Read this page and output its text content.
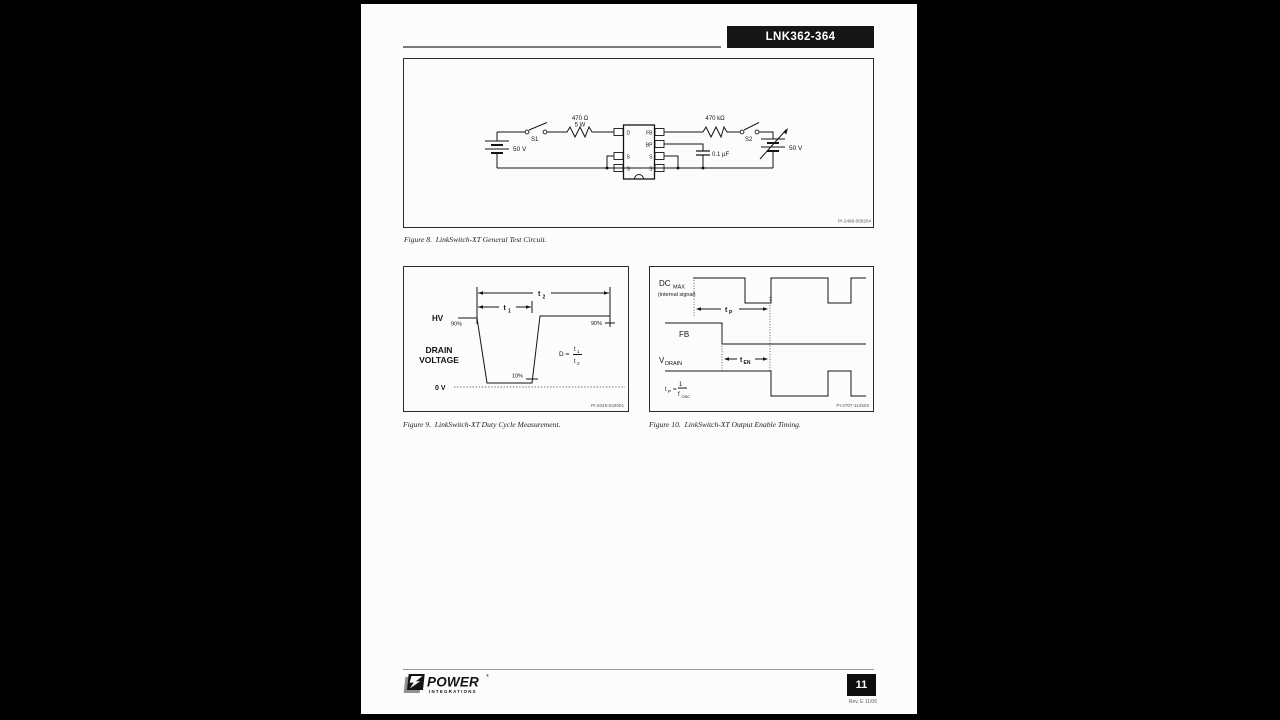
LNK362-364
50 V
S1
470 Ω
5 W
D
S
S
FB
BP
S
S
0.1 µF
470 kΩ
S2
50 V
PI-2490-060204
Figure 8.  LinkSwitch-XT General Test Circuit.
t 2
t 1
HV
90%	90%
10%
0 V
DRAIN
VOLTAGE
D =
t 1
t 2
PI-2048-033001
Figure 9.  LinkSwitch-XT Duty Cycle Measurement.
DC MAX
(internal signal)
t P
FB
t EN
V DRAIN
t P =
1
f OSC
PI-3707-112503
Figure 10.  LinkSwitch-XT Output Enable Timing.
POWER ®
INTEGRATIONS
11
Rev. E 11/06
